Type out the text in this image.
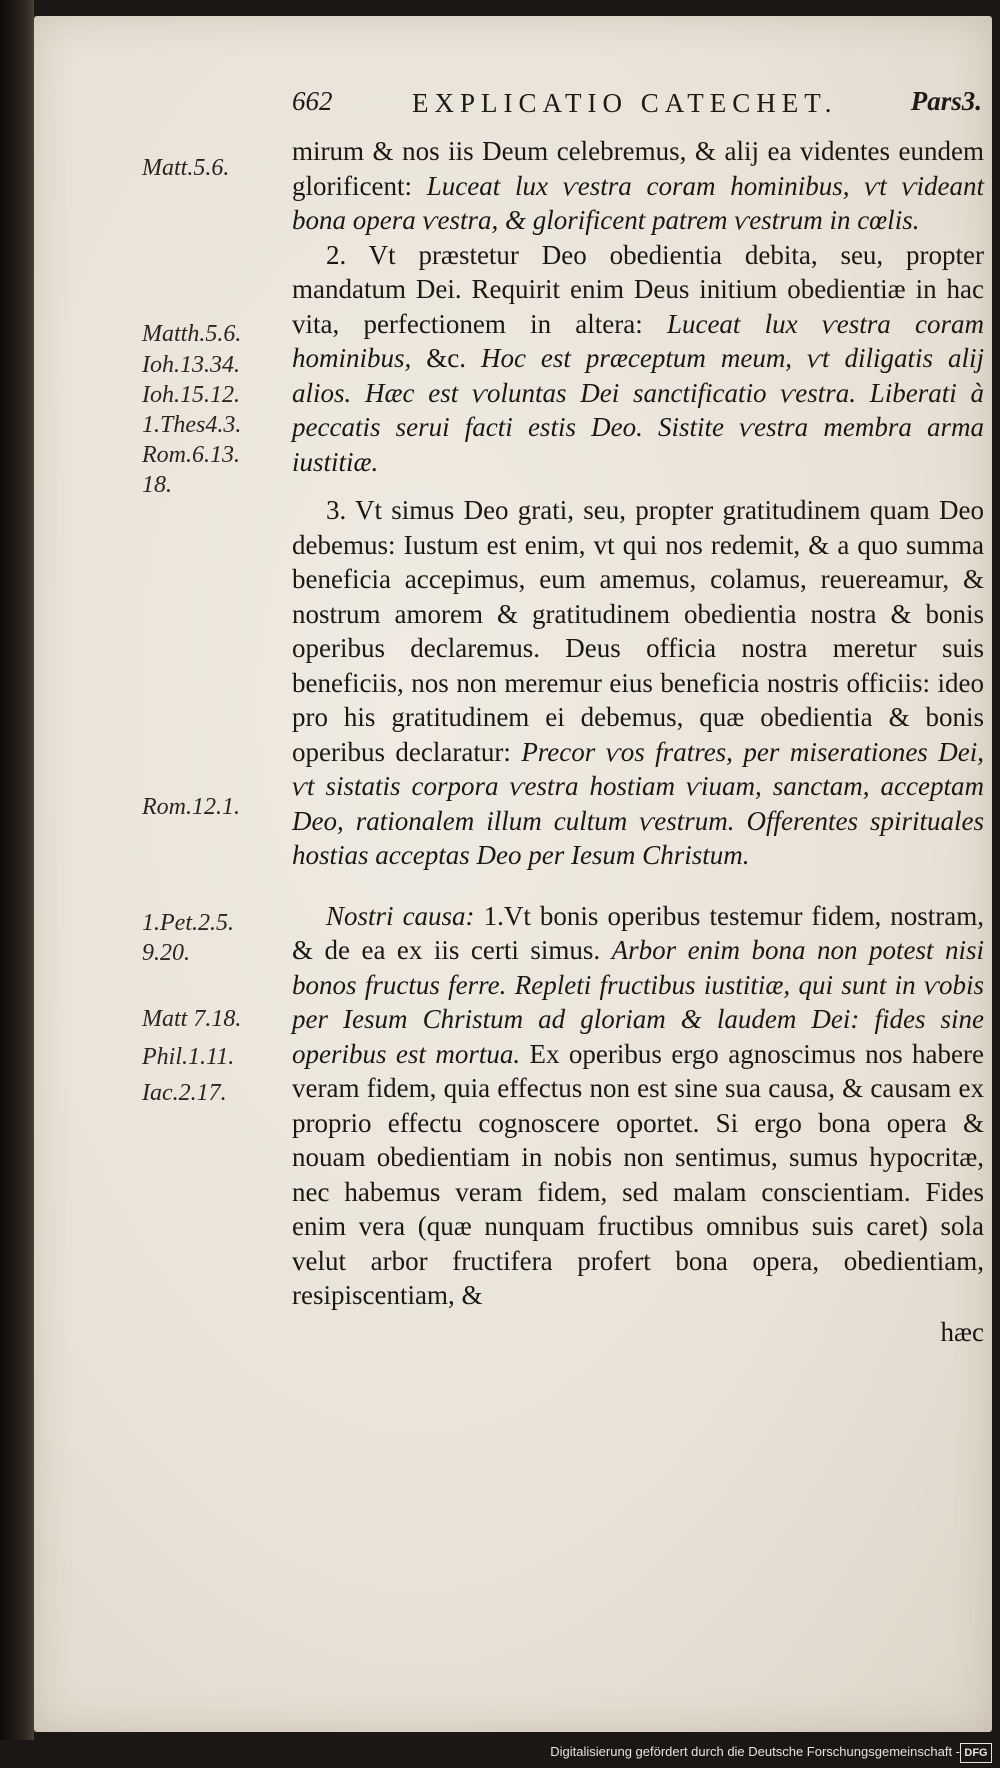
662	EXPLICATIO CATECHET.	Pars3.
Matt.5.6.
Matth.5.6.
Ioh.13.34.
Ioh.15.12.
1.Thes4.3.
Rom.6.13.
18.
Rom.12.1.
1.Pet.2.5.
9.20.
Matt 7.18.
Phil.1.11.
Iac.2.17.

mirum & nos iis Deum celebremus, & alij ea videntes eundem glorificent: Luceat lux ѵestra coram hominibus, ѵt ѵideant bona opera ѵestra, & glorificent patrem ѵestrum in cœlis.

2. Vt præstetur Deo obedientia debita, seu, propter mandatum Dei. Requirit enim Deus initium obedientiæ in hac vita, perfectionem in altera: Luceat lux ѵestra coram hominibus, &c. Hoc est præceptum meum, ѵt diligatis alij alios. Hæc est ѵoluntas Dei sanctificatio ѵestra. Liberati à peccatis serui facti estis Deo. Sistite ѵestra membra arma iustitiæ.

3. Vt simus Deo grati, seu, propter gratitudinem quam Deo debemus: Iustum est enim, vt qui nos redemit, & a quo summa beneficia accepimus, eum amemus, colamus, reuereamur, & nostrum amorem & gratitudinem obedientia nostra & bonis operibus declaremus. Deus officia nostra meretur suis beneficiis, nos non meremur eius beneficia nostris officiis: ideo pro his gratitudinem ei debemus, quæ obedientia & bonis operibus declaratur: Precor ѵos fratres, per miserationes Dei, ѵt sistatis corpora ѵestra hostiam ѵiuam, sanctam, acceptam Deo, rationalem illum cultum ѵestrum. Offerentes spirituales hostias acceptas Deo per Iesum Christum.

Nostri causa: 1.Vt bonis operibus testemur fidem, nostram, & de ea ex iis certi simus. Arbor enim bona non potest nisi bonos fructus ferre. Repleti fructibus iustitiæ, qui sunt in ѵobis per Iesum Christum ad gloriam & laudem Dei: fides sine operibus est mortua. Ex operibus ergo agnoscimus nos habere veram fidem, quia effectus non est sine sua causa, & causam ex proprio effectu cognoscere oportet. Si ergo bona opera & nouam obedientiam in nobis non sentimus, sumus hypocritæ, nec habemus veram fidem, sed malam conscientiam. Fides enim vera (quæ nunquam fructibus omnibus suis caret) sola velut arbor fructifera profert bona opera, obedientiam, resipiscentiam, &

hæc
Digitalisierung gefördert durch die Deutsche Forschungsgemeinschaft - DFG
